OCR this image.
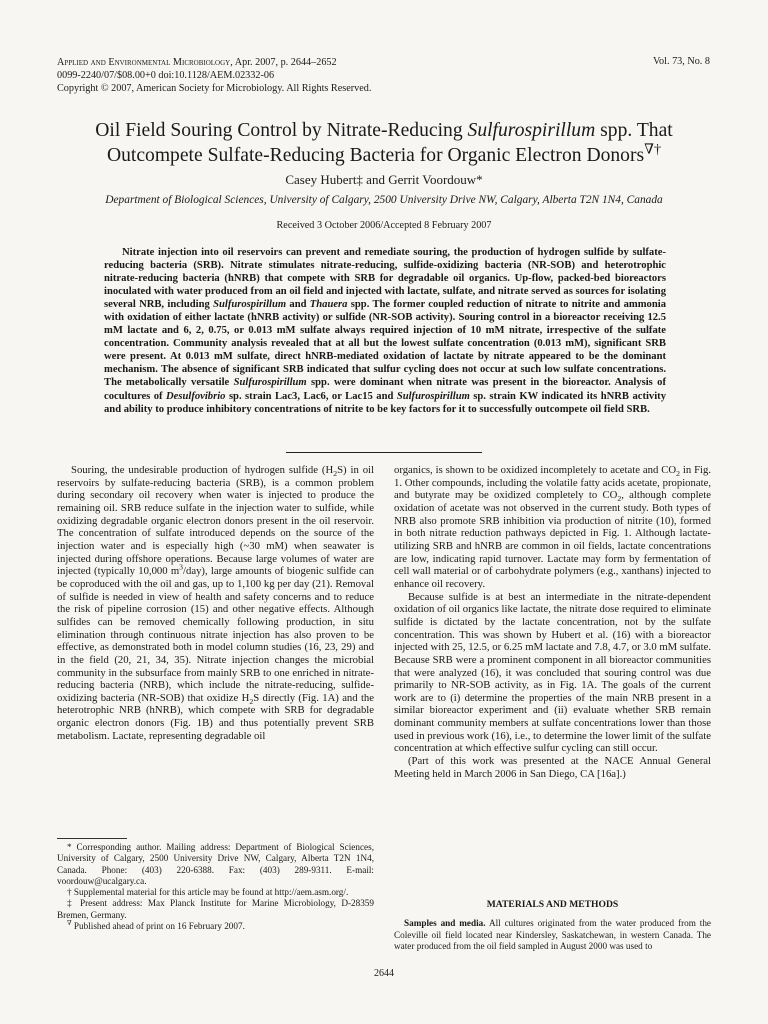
Applied and Environmental Microbiology, Apr. 2007, p. 2644–2652
0099-2240/07/$08.00+0 doi:10.1128/AEM.02332-06
Copyright © 2007, American Society for Microbiology. All Rights Reserved.
Vol. 73, No. 8
Oil Field Souring Control by Nitrate-Reducing Sulfurospirillum spp. That
Outcompete Sulfate-Reducing Bacteria for Organic Electron Donors∇†
Casey Hubert‡ and Gerrit Voordouw*
Department of Biological Sciences, University of Calgary, 2500 University Drive NW, Calgary, Alberta T2N 1N4, Canada
Received 3 October 2006/Accepted 8 February 2007
Nitrate injection into oil reservoirs can prevent and remediate souring, the production of hydrogen sulfide by sulfate-reducing bacteria (SRB). Nitrate stimulates nitrate-reducing, sulfide-oxidizing bacteria (NR-SOB) and heterotrophic nitrate-reducing bacteria (hNRB) that compete with SRB for degradable oil organics. Up-flow, packed-bed bioreactors inoculated with water produced from an oil field and injected with lactate, sulfate, and nitrate served as sources for isolating several NRB, including Sulfurospirillum and Thauera spp. The former coupled reduction of nitrate to nitrite and ammonia with oxidation of either lactate (hNRB activity) or sulfide (NR-SOB activity). Souring control in a bioreactor receiving 12.5 mM lactate and 6, 2, 0.75, or 0.013 mM sulfate always required injection of 10 mM nitrate, irrespective of the sulfate concentration. Community analysis revealed that at all but the lowest sulfate concentration (0.013 mM), significant SRB were present. At 0.013 mM sulfate, direct hNRB-mediated oxidation of lactate by nitrate appeared to be the dominant mechanism. The absence of significant SRB indicated that sulfur cycling does not occur at such low sulfate concentrations. The metabolically versatile Sulfurospirillum spp. were dominant when nitrate was present in the bioreactor. Analysis of cocultures of Desulfovibrio sp. strain Lac3, Lac6, or Lac15 and Sulfurospirillum sp. strain KW indicated its hNRB activity and ability to produce inhibitory concentrations of nitrite to be key factors for it to successfully outcompete oil field SRB.

Souring, the undesirable production of hydrogen sulfide $(H_2S)$ in oil reservoirs by sulfate-reducing bacteria (SRB), is a common problem during secondary oil recovery when water is injected to produce the remaining oil. SRB reduce sulfate in the injection water to sulfide, while oxidizing degradable organic electron donors present in the oil reservoir. The concentration of sulfate introduced depends on the source of the injection water and is especially high (~30 mM) when seawater is injected during offshore operations. Because large volumes of water are injected (typically 10,000 $m^3/day$), large amounts of biogenic sulfide can be coproduced with the oil and gas, up to 1,100 kg per day (21). Removal of sulfide is needed in view of health and safety concerns and to reduce the risk of pipeline corrosion (15) and other negative effects. Although sulfides can be removed chemically following production, in situ elimination through continuous nitrate injection has also proven to be effective, as demonstrated both in model column studies (16, 23, 29) and in the field (20, 21, 34, 35). Nitrate injection changes the microbial community in the subsurface from mainly SRB to one enriched in nitrate-reducing bacteria (NRB), which include the nitrate-reducing, sulfide-oxidizing bacteria (NR-SOB) that oxidize $H_2S$ directly (Fig. 1A) and the heterotrophic NRB (hNRB), which compete with SRB for degradable organic electron donors (Fig. 1B) and thus potentially prevent SRB metabolism. Lactate, representing degradable oil

* Corresponding author. Mailing address: Department of Biological Sciences, University of Calgary, 2500 University Drive NW, Calgary, Alberta T2N 1N4, Canada. Phone: (403) 220-6388. Fax: (403) 289-9311. E-mail: voordouw@ucalgary.ca.

† Supplemental material for this article may be found at http://aem.asm.org/.

‡ Present address: Max Planck Institute for Marine Microbiology, D-28359 Bremen, Germany.

∇ Published ahead of print on 16 February 2007.

organics, is shown to be oxidized incompletely to acetate and $CO_2$ in Fig. 1. Other compounds, including the volatile fatty acids acetate, propionate, and butyrate may be oxidized completely to $CO_2$, although complete oxidation of acetate was not observed in the current study. Both types of NRB also promote SRB inhibition via production of nitrite (10), formed in both nitrate reduction pathways depicted in Fig. 1. Although lactate-utilizing SRB and hNRB are common in oil fields, lactate concentrations are low, indicating rapid turnover. Lactate may form by fermentation of cell wall material or of carbohydrate polymers (e.g., xanthans) injected to enhance oil recovery.

Because sulfide is at best an intermediate in the nitrate-dependent oxidation of oil organics like lactate, the nitrate dose required to eliminate sulfide is dictated by the lactate concentration, not by the sulfate concentration. This was shown by Hubert et al. (16) with a bioreactor injected with 25, 12.5, or 6.25 mM lactate and 7.8, 4.7, or 3.0 mM sulfate. Because SRB were a prominent component in all bioreactor communities that were analyzed (16), it was concluded that souring control was due primarily to NR-SOB activity, as in Fig. 1A. The goals of the current work are to (i) determine the properties of the main NRB present in a similar bioreactor experiment and (ii) evaluate whether SRB remain dominant community members at sulfate concentrations lower than those used in previous work (16), i.e., to determine the lower limit of the sulfate concentration at which effective sulfur cycling can still occur.

(Part of this work was presented at the NACE Annual General Meeting held in March 2006 in San Diego, CA [16a].)

MATERIALS AND METHODS
Samples and media. All cultures originated from the water produced from the Coleville oil field located near Kindersley, Saskatchewan, in western Canada. The water produced from the oil field sampled in August 2000 was used to
2644
